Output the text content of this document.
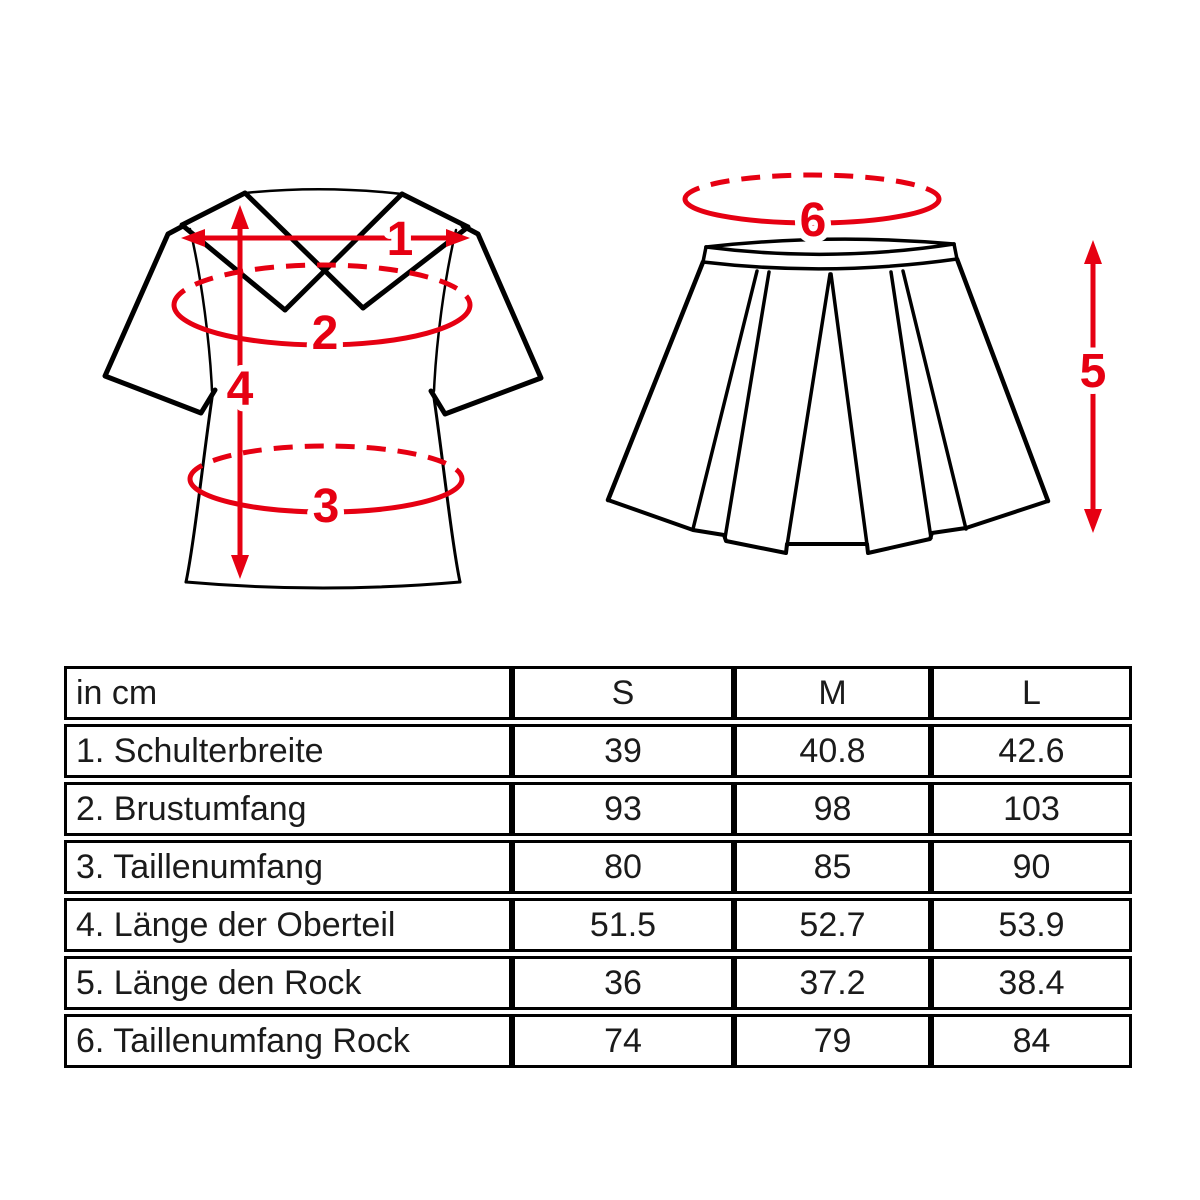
1
2
3
4	5
6
in cm	S	M	L
1. Schulterbreite	39	40.8	42.6
2. Brustumfang	93	98	103
3. Taillenumfang	80	85	90
4. Länge der Oberteil	51.5	52.7	53.9
5. Länge den Rock	36	37.2	38.4
6. Taillenumfang Rock	74	79	84
